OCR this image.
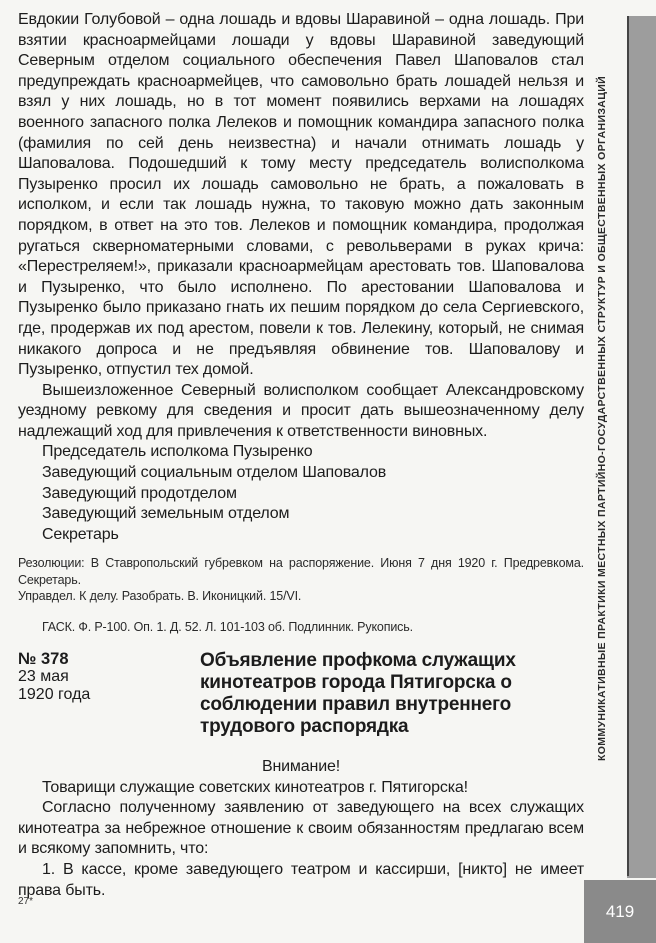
Евдокии Голубовой – одна лошадь и вдовы Шаравиной – одна лошадь. При взятии красноармейцами лошади у вдовы Шаравиной заведующий Северным отделом социального обеспечения Павел Шаповалов стал предупреждать красноармейцев, что самовольно брать лошадей нельзя и взял у них лошадь, но в тот момент появились верхами на лошадях военного запасного полка Лелеков и помощник командира запасного полка (фамилия по сей день неизвестна) и начали отнимать лошадь у Шаповалова. Подошедший к тому месту председатель волисполкома Пузыренко просил их лошадь самовольно не брать, а пожаловать в исполком, и если так лошадь нужна, то таковую можно дать законным порядком, в ответ на это тов. Лелеков и помощник командира, продолжая ругаться скверноматерными словами, с револьверами в руках крича: «Перестреляем!», приказали красноармейцам арестовать тов. Шаповалова и Пузыренко, что было исполнено. По арестовании Шаповалова и Пузыренко было приказано гнать их пешим порядком до села Сергиевского, где, продержав их под арестом, повели к тов. Лелекину, который, не снимая никакого допроса и не предъявляя обвинение тов. Шаповалову и Пузыренко, отпустил тех домой.

Вышеизложенное Северный волисполком сообщает Александровскому уездному ревкому для сведения и просит дать вышеозначенному делу надлежащий ход для привлечения к ответственности виновных.

Председатель исполкома Пузыренко
Заведующий социальным отделом Шаповалов
Заведующий продотделом
Заведующий земельным отделом
Секретарь
Резолюции: В Ставропольский губревком на распоряжение. Июня 7 дня 1920 г. Предревкома. Секретарь.
Управдел. К делу. Разобрать. В. Иконицкий. 15/VI.
ГАСК. Ф. Р-100. Оп. 1. Д. 52. Л. 101-103 об. Подлинник. Рукопись.
№ 378
23 мая
1920 года
Объявление профкома служащих кинотеатров города Пятигорска о соблюдении правил внутреннего трудового распорядка

Внимание!

Товарищи служащие советских кинотеатров г. Пятигорска!

Согласно полученному заявлению от заведующего на всех служащих кинотеатра за небрежное отношение к своим обязанностям предлагаю всем и всякому запомнить, что:

1. В кассе, кроме заведующего театром и кассирши, [никто] не имеет права быть.

КОММУНИКАТИВНЫЕ ПРАКТИКИ МЕСТНЫХ ПАРТИЙНО-ГОСУДАРСТВЕННЫХ СТРУКТУР И ОБЩЕСТВЕННЫХ ОРГАНИЗАЦИЙ
27*
419
